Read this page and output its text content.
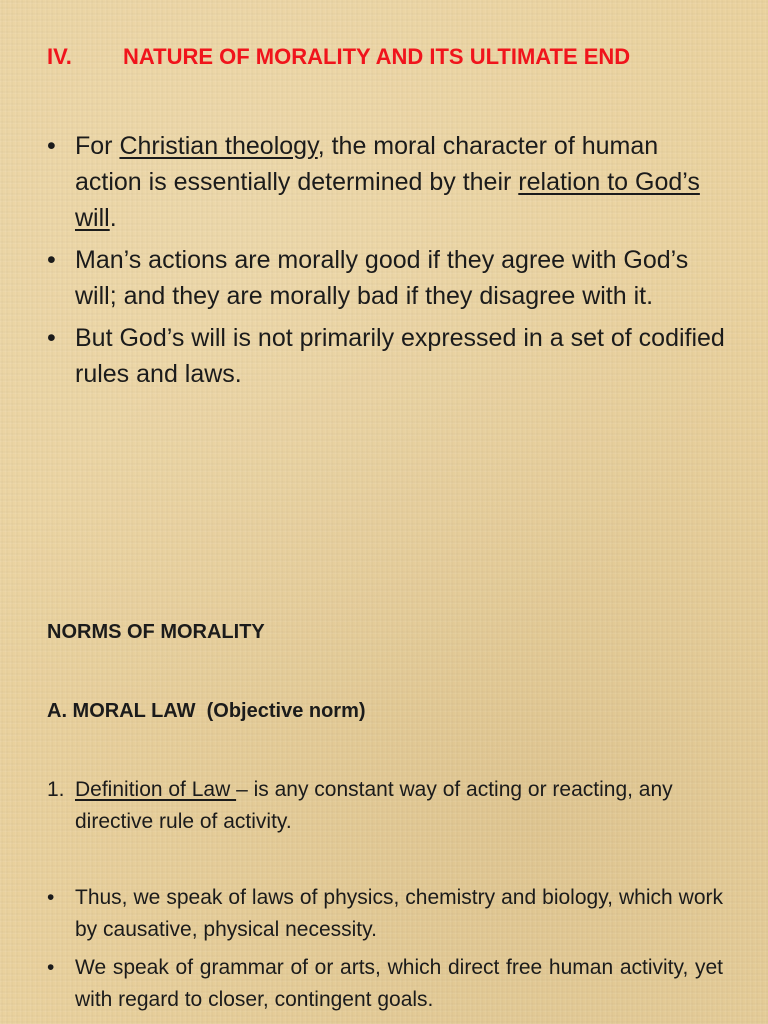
IV. NATURE OF MORALITY AND ITS ULTIMATE END
• For Christian theology, the moral character of human action is essentially determined by their relation to God’s will.
• Man’s actions are morally good if they agree with God’s will; and they are morally bad if they disagree with it.
• But God’s will is not primarily expressed in a set of codified rules and laws.
NORMS OF MORALITY
A. MORAL LAW  (Objective norm)
1. Definition of Law – is any constant way of acting or reacting, any directive rule of activity.
• Thus, we speak of laws of physics, chemistry and biology, which work by causative, physical necessity.
• We speak of grammar of or arts, which direct free human activity, yet with regard to closer, contingent goals.
